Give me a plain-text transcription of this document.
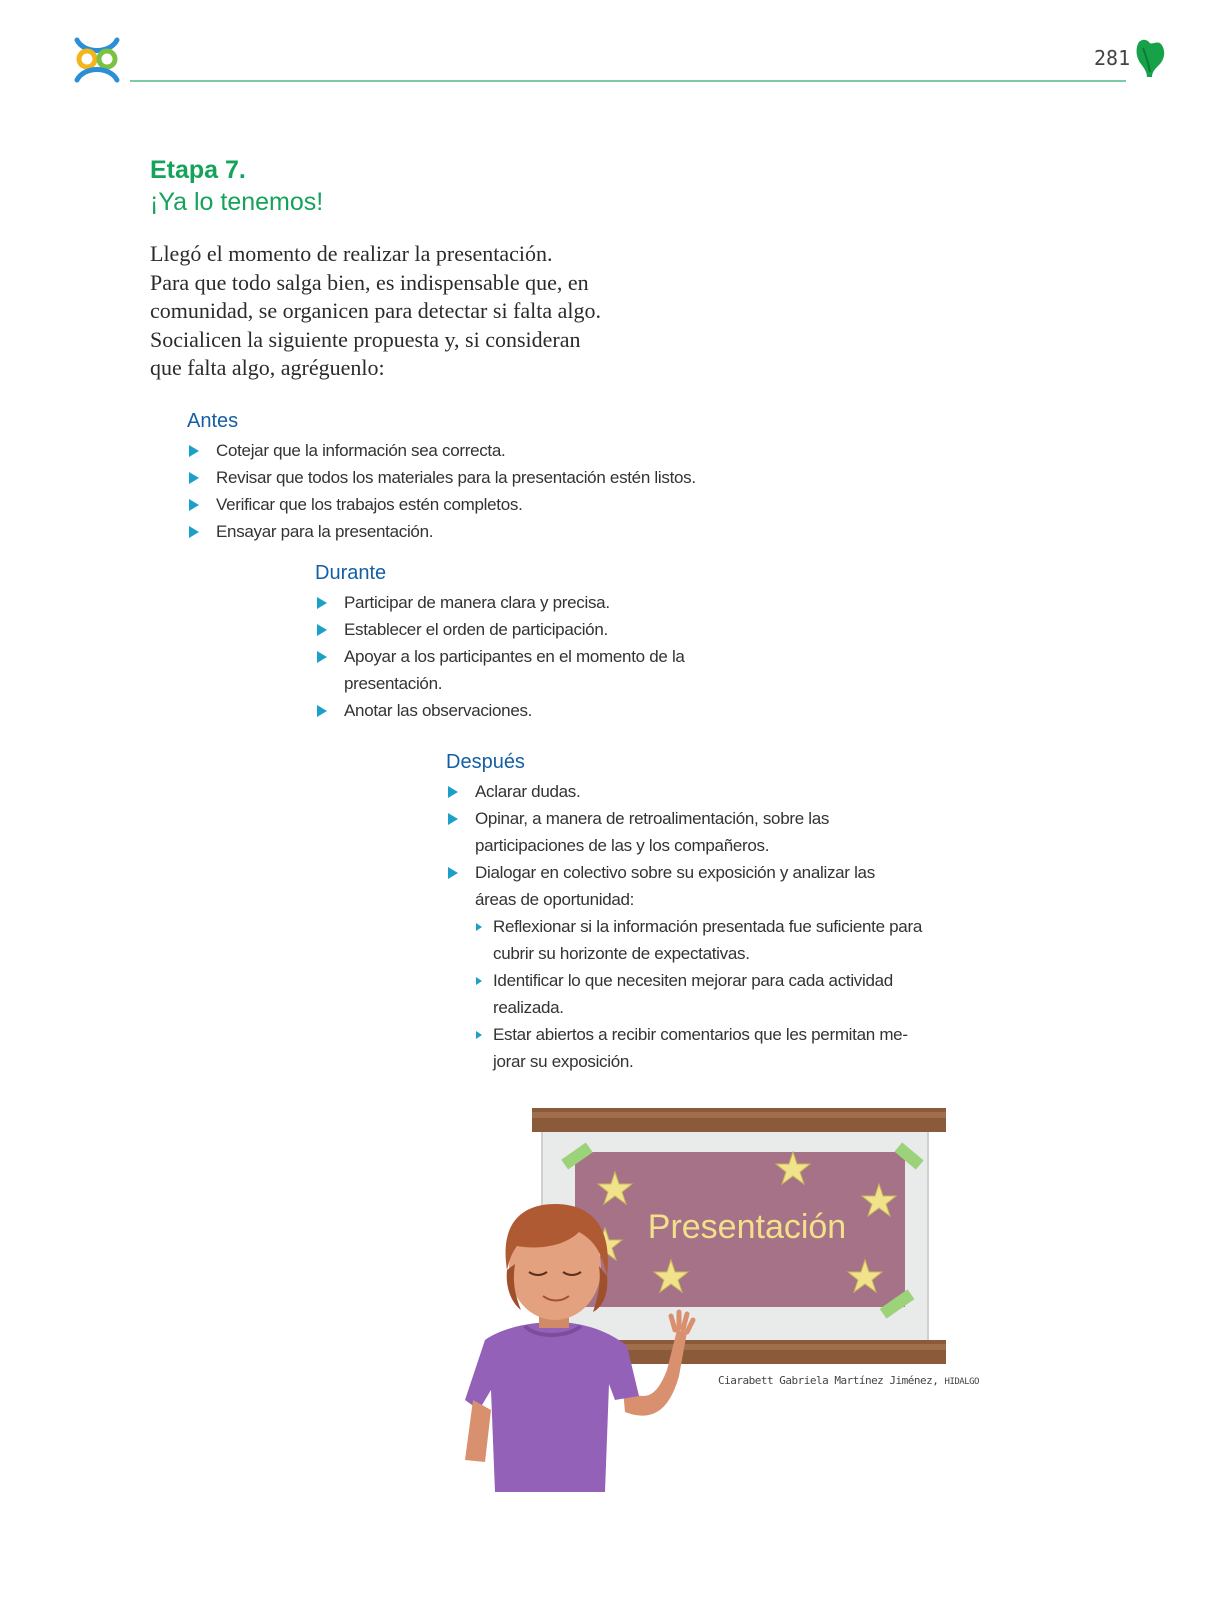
281
Etapa 7.
¡Ya lo tenemos!
Llegó el momento de realizar la presentación.
Para que todo salga bien, es indispensable que, en
comunidad, se organicen para detectar si falta algo.
Socialicen la siguiente propuesta y, si consideran
que falta algo, agréguenlo:
Antes
Cotejar que la información sea correcta.
Revisar que todos los materiales para la presentación estén listos.
Verificar que los trabajos estén completos.
Ensayar para la presentación.
Durante
Participar de manera clara y precisa.
Establecer el orden de participación.
Apoyar a los participantes en el momento de la presentación.
Anotar las observaciones.
Después
Aclarar dudas.
Opinar, a manera de retroalimentación, sobre las participaciones de las y los compañeros.
Dialogar en colectivo sobre su exposición y analizar las áreas de oportunidad:
Reflexionar si la información presentada fue suficiente para cubrir su horizonte de expectativas.
Identificar lo que necesiten mejorar para cada actividad realizada.
Estar abiertos a recibir comentarios que les permitan me-jorar su exposición.
Presentación
Ciarabett Gabriela Martínez Jiménez, HIDALGO
